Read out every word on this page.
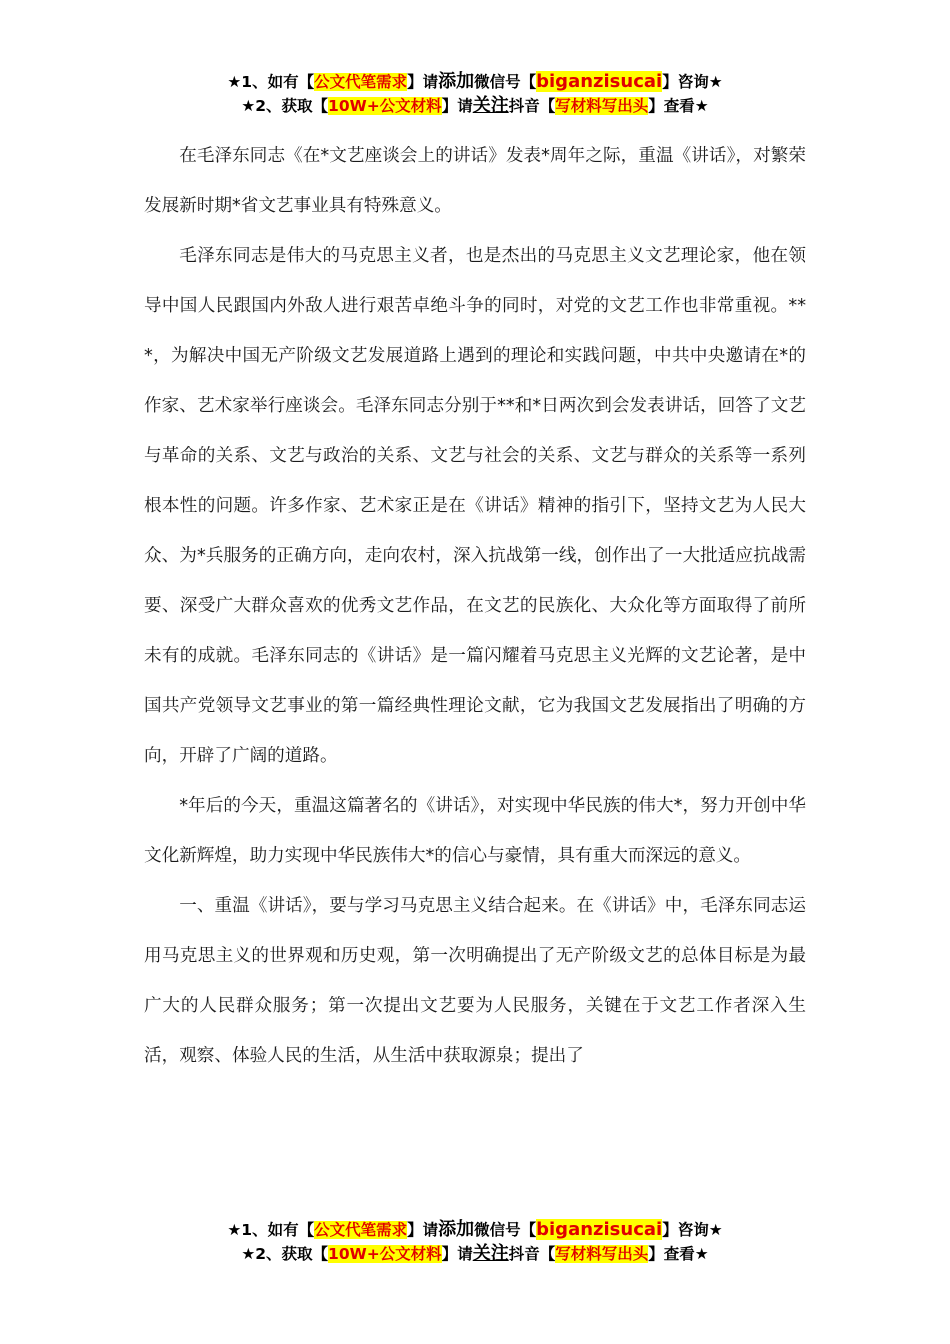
★1、如有【公文代笔需求】请添加微信号【biganzisucai】咨询★
★2、获取【10W+公文材料】请关注抖音【写材料写出头】查看★

在毛泽东同志《在*文艺座谈会上的讲话》发表*周年之际，重温《讲话》，对繁荣发展新时期*省文艺事业具有特殊意义。

毛泽东同志是伟大的马克思主义者，也是杰出的马克思主义文艺理论家，他在领导中国人民跟国内外敌人进行艰苦卓绝斗争的同时，对党的文艺工作也非常重视。***，为解决中国无产阶级文艺发展道路上遇到的理论和实践问题，中共中央邀请在*的作家、艺术家举行座谈会。毛泽东同志分别于**和*日两次到会发表讲话，回答了文艺与革命的关系、文艺与政治的关系、文艺与社会的关系、文艺与群众的关系等一系列根本性的问题。许多作家、艺术家正是在《讲话》精神的指引下，坚持文艺为人民大众、为*兵服务的正确方向，走向农村，深入抗战第一线，创作出了一大批适应抗战需要、深受广大群众喜欢的优秀文艺作品，在文艺的民族化、大众化等方面取得了前所未有的成就。毛泽东同志的《讲话》是一篇闪耀着马克思主义光辉的文艺论著，是中国共产党领导文艺事业的第一篇经典性理论文献，它为我国文艺发展指出了明确的方向，开辟了广阔的道路。

*年后的今天，重温这篇著名的《讲话》，对实现中华民族的伟大*，努力开创中华文化新辉煌，助力实现中华民族伟大*的信心与豪情，具有重大而深远的意义。

一、重温《讲话》，要与学习马克思主义结合起来。在《讲话》中，毛泽东同志运用马克思主义的世界观和历史观，第一次明确提出了无产阶级文艺的总体目标是为最广大的人民群众服务；第一次提出文艺要为人民服务，关键在于文艺工作者深入生活，观察、体验人民的生活，从生活中获取源泉；提出了

★1、如有【公文代笔需求】请添加微信号【biganzisucai】咨询★
★2、获取【10W+公文材料】请关注抖音【写材料写出头】查看★
